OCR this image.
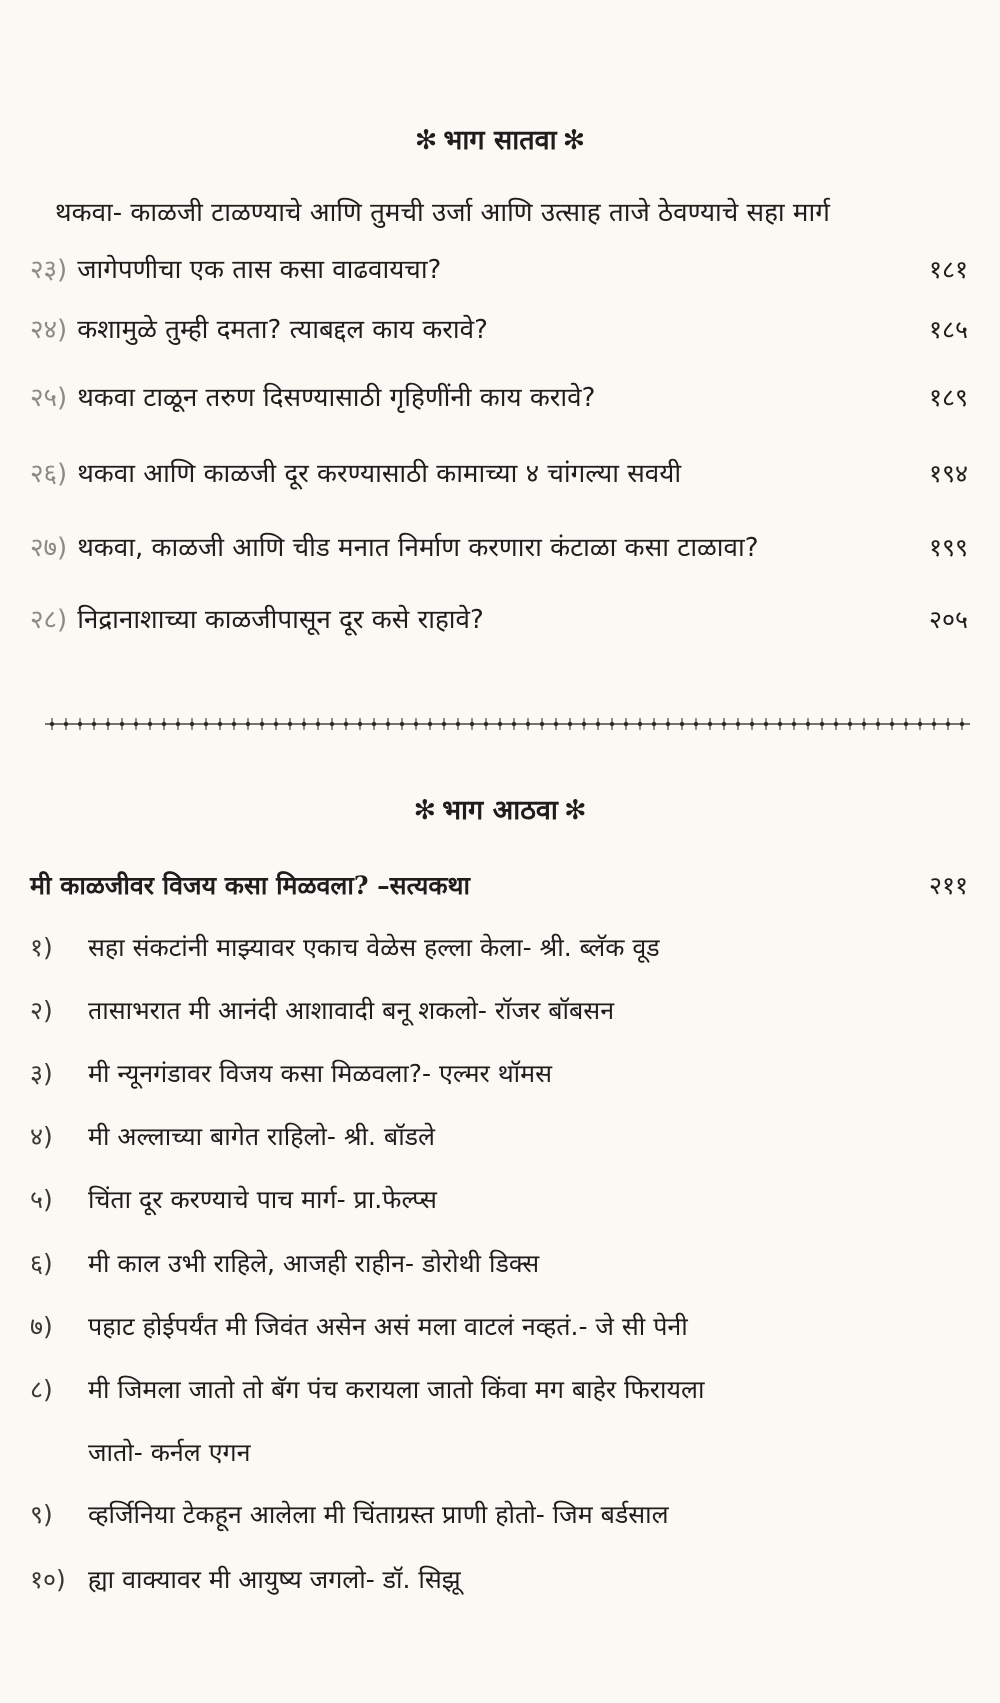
✻ भाग सातवा ✻
थकवा- काळजी टाळण्याचे आणि तुमची उर्जा आणि उत्साह ताजे ठेवण्याचे सहा मार्ग
२३) जागेपणीचा एक तास कसा वाढवायचा?	१८१
२४) कशामुळे तुम्ही दमता? त्याबद्दल काय करावे?	१८५
२५) थकवा टाळून तरुण दिसण्यासाठी गृहिणींनी काय करावे?	१८९
२६) थकवा आणि काळजी दूर करण्यासाठी कामाच्या ४ चांगल्या सवयी	१९४
२७) थकवा, काळजी आणि चीड मनात निर्माण करणारा कंटाळा कसा टाळावा?	१९९
२८) निद्रानाशाच्या काळजीपासून दूर कसे राहावे?	२०५
✻ भाग आठवा ✻
मी काळजीवर विजय कसा मिळवला? –सत्यकथा	२११
१)	सहा संकटांनी माझ्यावर एकाच वेळेस हल्ला केला- श्री. ब्लॅक वूड
२)	तासाभरात मी आनंदी आशावादी बनू शकलो- रॉजर बॉबसन
३)	मी न्यूनगंडावर विजय कसा मिळवला?- एल्मर थॉमस
४)	मी अल्लाच्या बागेत राहिलो- श्री. बॉडले
५)	चिंता दूर करण्याचे पाच मार्ग- प्रा.फेल्प्स
६)	मी काल उभी राहिले, आजही राहीन- डोरोथी डिक्स
७)	पहाट होईपर्यंत मी जिवंत असेन असं मला वाटलं नव्हतं.- जे सी पेनी
८)	मी जिमला जातो तो बॅग पंच करायला जातो किंवा मग बाहेर फिरायला
जातो- कर्नल एगन
९)	व्हर्जिनिया टेकहून आलेला मी चिंताग्रस्त प्राणी होतो- जिम बर्डसाल
१०) ह्या वाक्यावर मी आयुष्य जगलो- डॉ. सिझू
